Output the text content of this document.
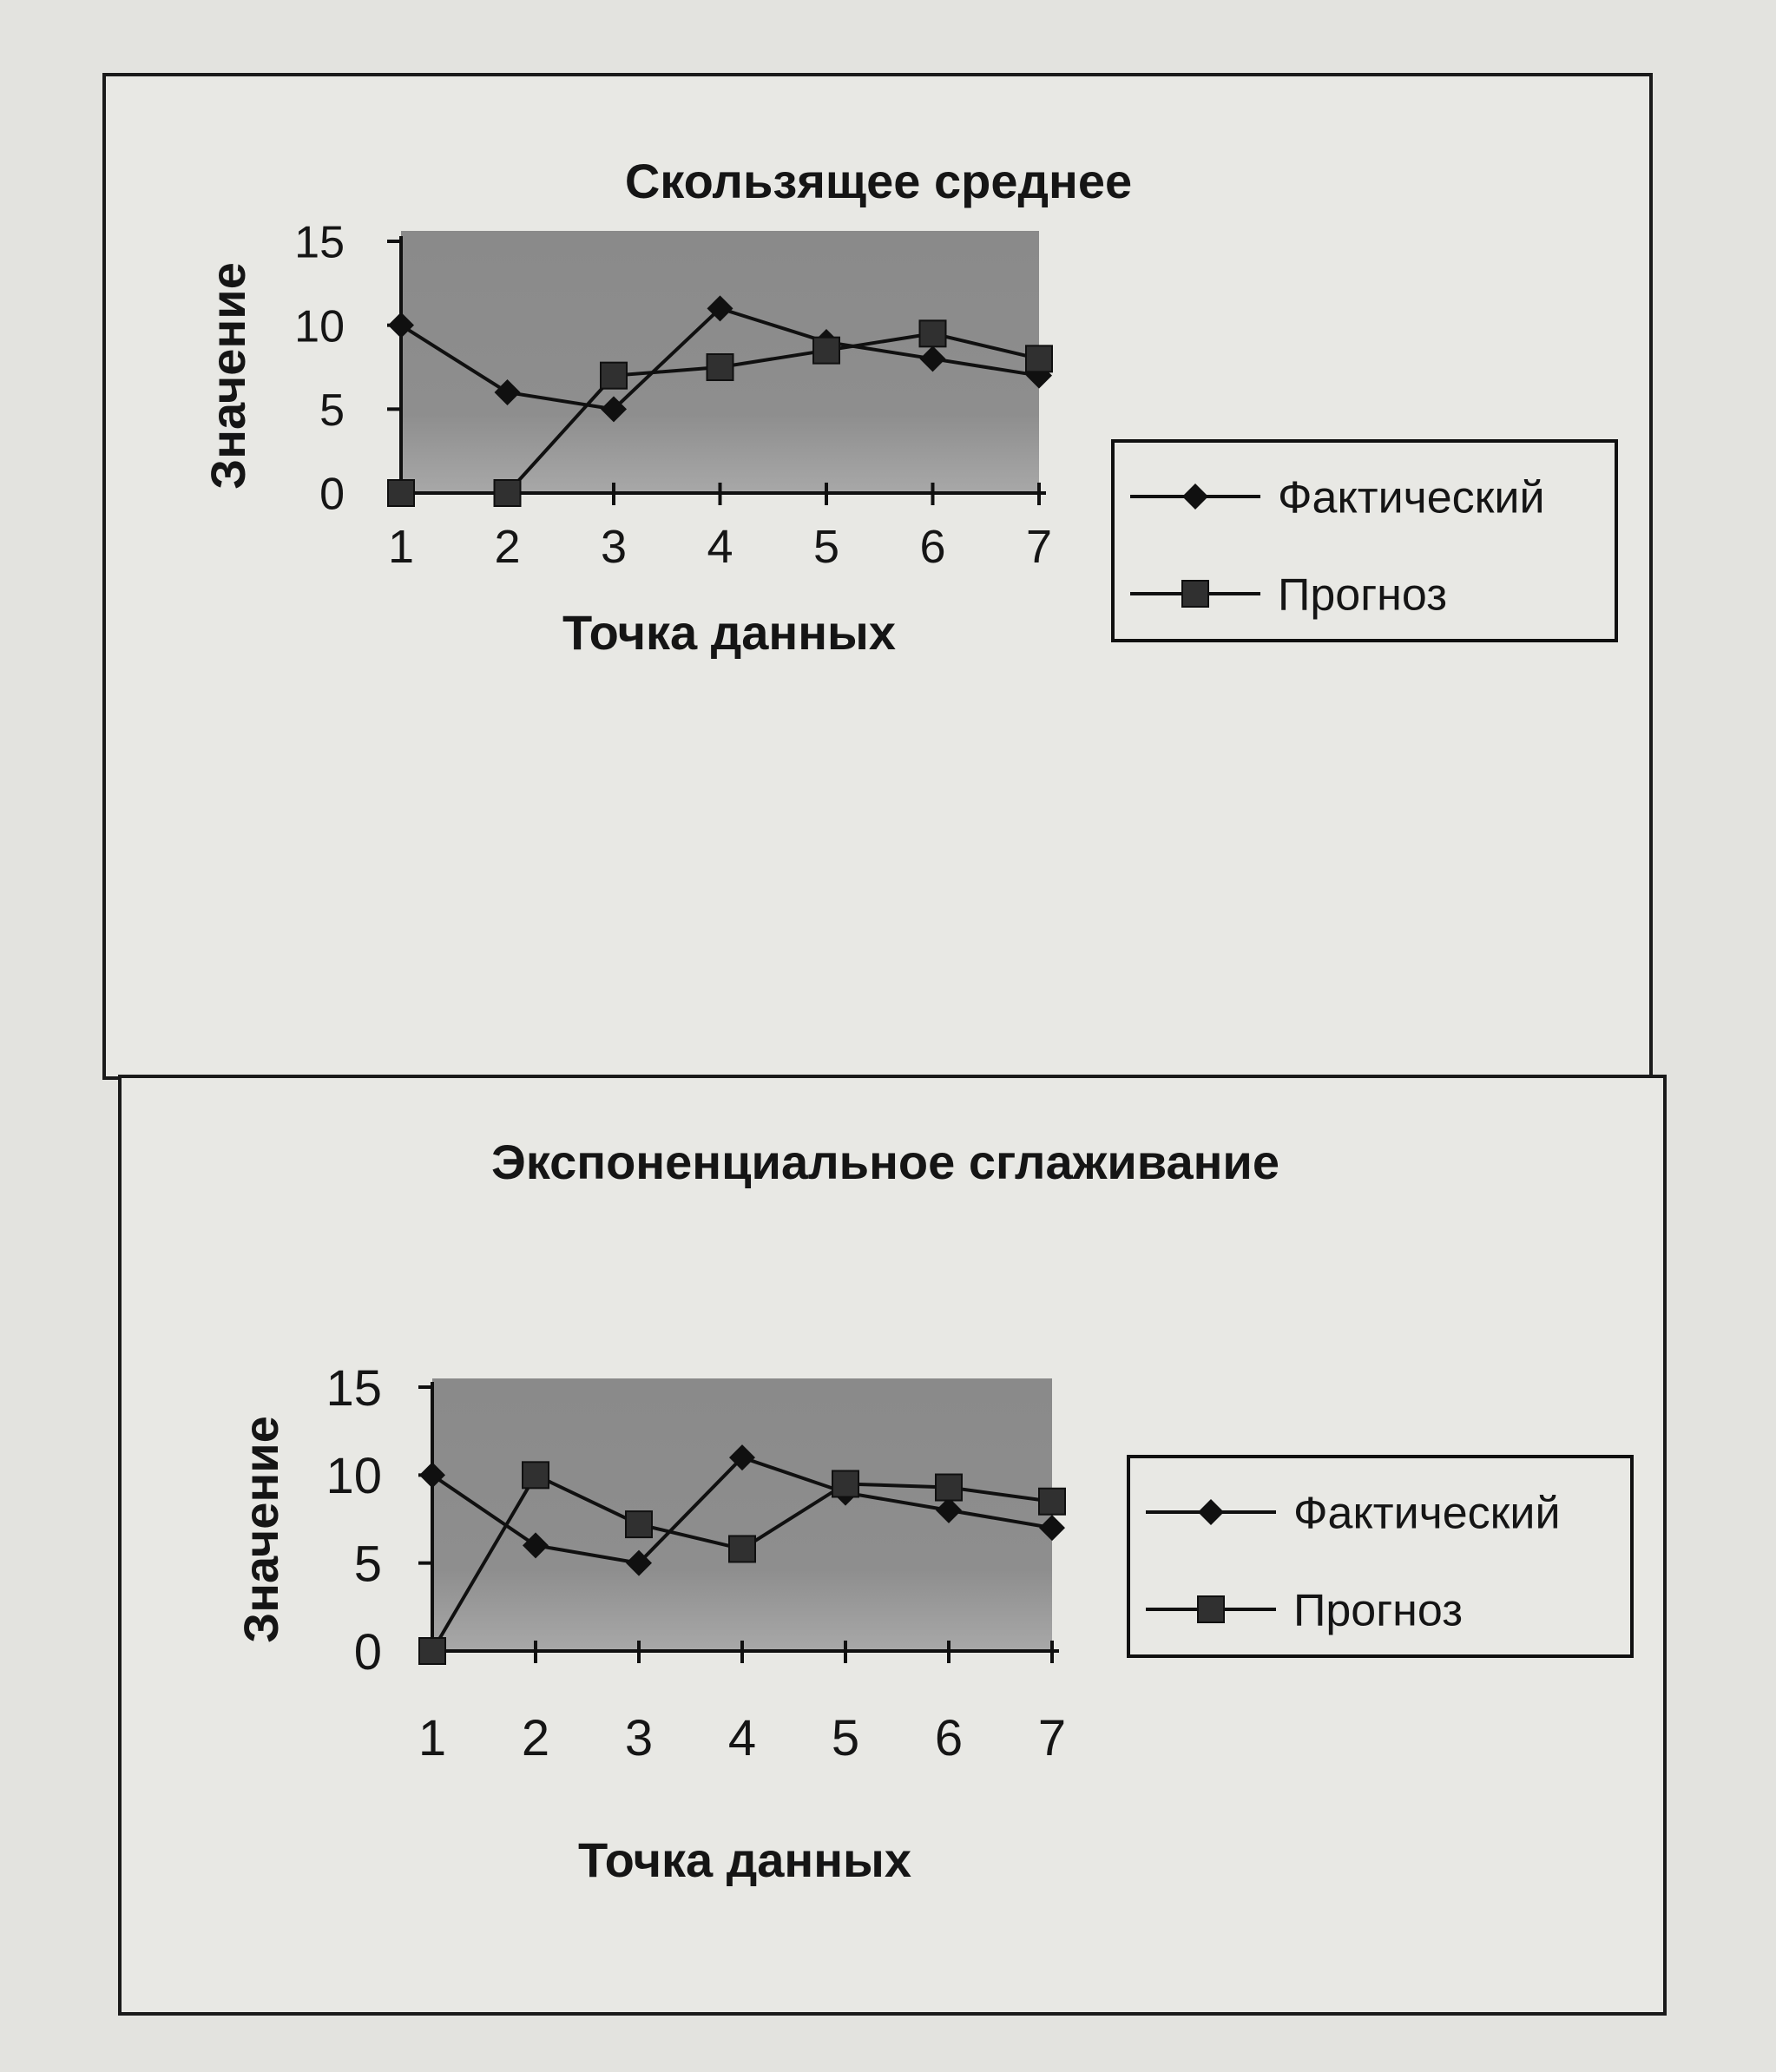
Скользящее среднее
0
5
10
15
1 2 3 4 5 6 7
Точка данных
Значение
Фактический
Прогноз
Экспоненциальное сглаживание
0
5
10
15
1 2 3 4 5 6 7
Точка данных
Значение	Фактический
Прогноз
